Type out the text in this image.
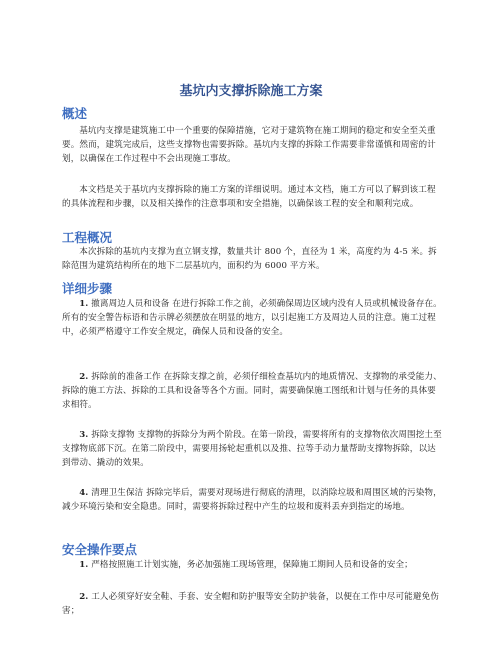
基坑内支撑拆除施工方案
概述
基坑内支撑是建筑施工中一个重要的保障措施，它对于建筑物在施工期间的稳定和安全至关重要。然而，建筑完成后，这些支撑物也需要拆除。基坑内支撑的拆除工作需要非常谨慎和周密的计划，以确保在工作过程中不会出现施工事故。
本文档是关于基坑内支撑拆除的施工方案的详细说明。通过本文档，施工方可以了解到该工程的具体流程和步骤，以及相关操作的注意事项和安全措施，以确保该工程的安全和顺利完成。
工程概况
本次拆除的基坑内支撑为直立钢支撑，数量共计 800 个，直径为 1 米，高度约为 4-5 米。拆除范围为建筑结构所在的地下二层基坑内，面积约为 6000 平方米。
详细步骤
1. 撤离周边人员和设备 在进行拆除工作之前，必须确保周边区域内没有人员或机械设备存在。所有的安全警告标语和告示牌必须摆放在明显的地方，以引起施工方及周边人员的注意。施工过程中，必须严格遵守工作安全规定，确保人员和设备的安全。
2. 拆除前的准备工作 在拆除支撑之前，必须仔细检查基坑内的地质情况、支撑物的承受能力、拆除的施工方法、拆除的工具和设备等各个方面。同时，需要确保施工图纸和计划与任务的具体要求相符。
3. 拆除支撑物 支撑物的拆除分为两个阶段。在第一阶段，需要将所有的支撑物依次周围挖土至支撑物底部下沉。在第二阶段中，需要用扬轮起重机以及推、拉等手动力量帮助支撑物拆除，以达到带动、撬动的效果。
4. 清理卫生保洁 拆除完毕后，需要对现场进行彻底的清理，以消除垃圾和周围区域的污染物，减少环境污染和安全隐患。同时，需要将拆除过程中产生的垃圾和废料丢弃到指定的场地。
安全操作要点
1. 严格按照施工计划实施，务必加强施工现场管理，保障施工期间人员和设备的安全；
2. 工人必须穿好安全鞋、手套、安全帽和防护服等安全防护装备，以便在工作中尽可能避免伤害；
